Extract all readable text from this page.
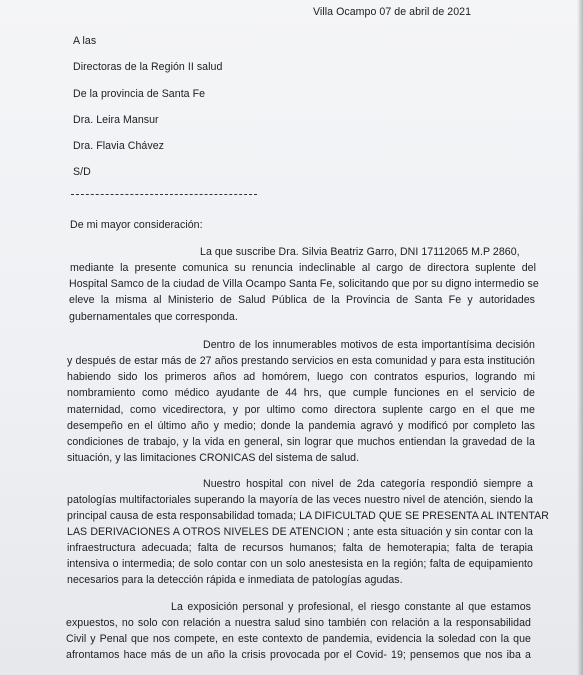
Villa Ocampo 07 de abril de 2021
A las
Directoras de la Región II salud
De la provincia de Santa Fe
Dra. Leira Mansur
Dra. Flavia Chávez
S/D
De mi mayor consideración:
La que suscribe Dra. Silvia Beatriz Garro, DNI 17112065 M.P 2860,
mediante la presente comunica su renuncia indeclinable al cargo de directora suplente del
Hospital Samco de la ciudad de Villa Ocampo Santa Fe, solicitando que por su digno intermedio se
eleve la misma al Ministerio de Salud Pública de la Provincia de Santa Fe y autoridades
gubernamentales que corresponda.
Dentro de los innumerables motivos de esta importantísima decisión
y después de estar más de 27 años prestando servicios en esta comunidad y para esta institución
habiendo sido los primeros años ad homórem, luego con contratos espurios, logrando mi
nombramiento como médico ayudante de 44 hrs, que cumple funciones en el servicio de
maternidad, como vicedirectora, y por ultimo como directora suplente cargo en el que me
desempeño en el último año y medio; donde la pandemia agravó y modificó por completo las
condiciones de trabajo, y la vida en general, sin lograr que muchos entiendan la gravedad de la
situación, y las limitaciones CRONICAS del sistema de salud.
Nuestro hospital con nivel de 2da categoría respondió siempre a
patologías multifactoriales superando la mayoría de las veces nuestro nivel de atención, siendo la
principal causa de esta responsabilidad tomada; LA DIFICULTAD QUE SE PRESENTA AL INTENTAR
LAS DERIVACIONES A OTROS NIVELES DE ATENCION ; ante esta situación y sin contar con la
infraestructura adecuada; falta de recursos humanos; falta de hemoterapia; falta de terapia
intensiva o intermedia; de solo contar con un solo anestesista en la región; falta de equipamiento
necesarios para la detección rápida e inmediata de patologías agudas.
La exposición personal y profesional, el riesgo constante al que estamos
expuestos, no solo con relación a nuestra salud sino también con relación a la responsabilidad
Civil y Penal que nos compete, en este contexto de pandemia, evidencia la soledad con la que
afrontamos hace más de un año la crisis provocada por el Covid- 19; pensemos que nos iba a
